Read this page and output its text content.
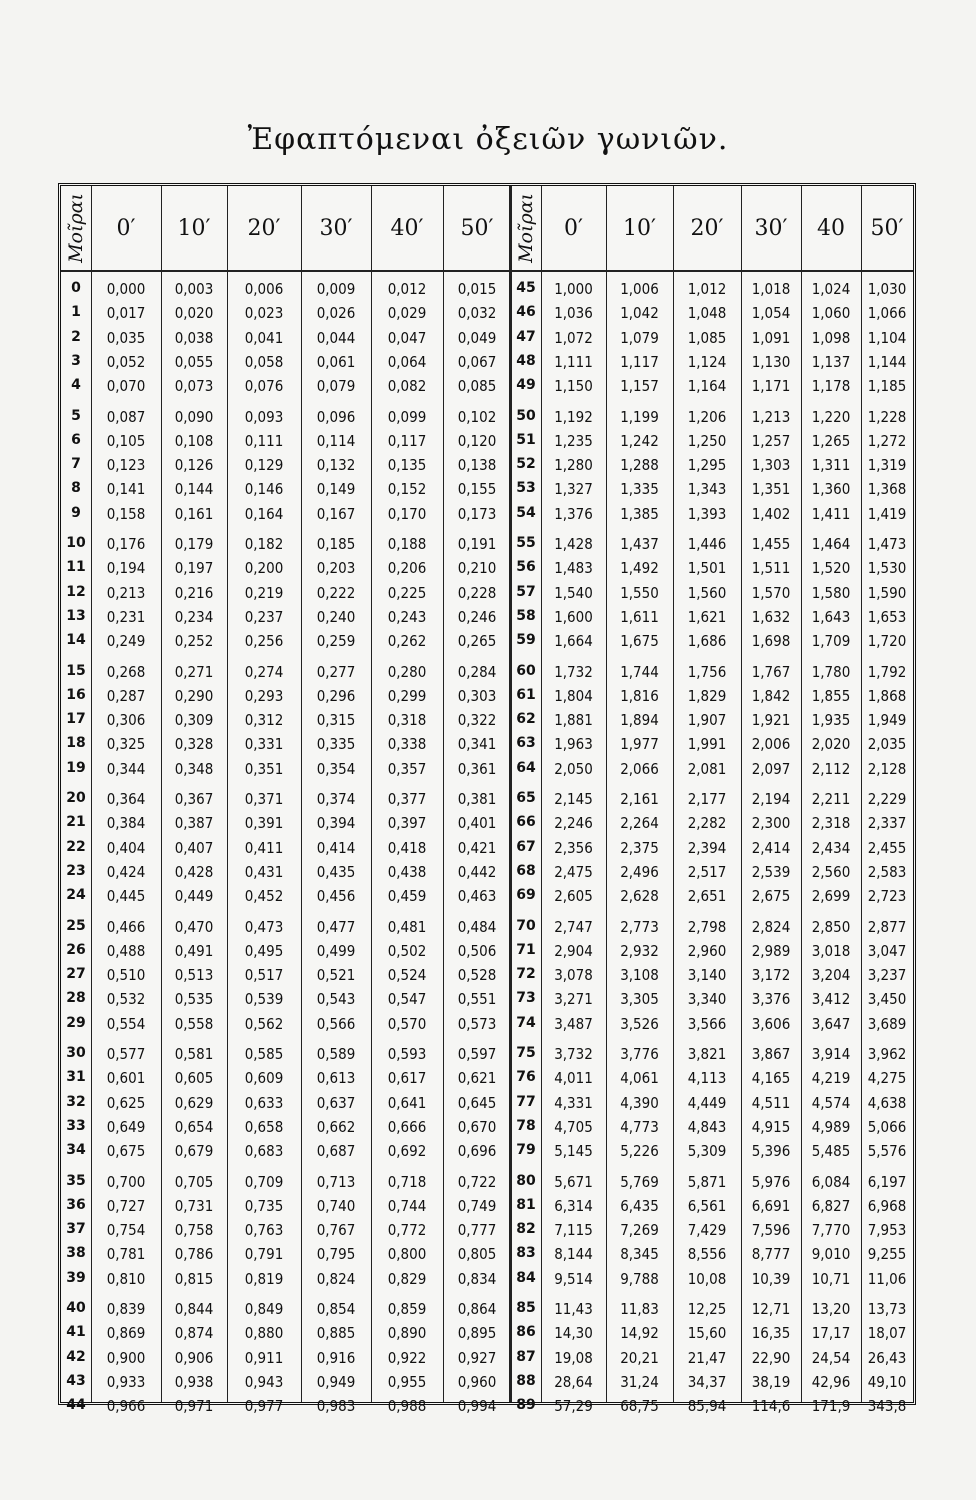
Ἐφαπτόμεναι ὀξειῶν γωνιῶν.
Μοῖραι	0′	10′	20′	30′	40′	50′	Μοῖραι	0′	10′	20′	30′	40	50′
0	0,000	0,003	0,006	0,009	0,012	0,015
1	0,017	0,020	0,023	0,026	0,029	0,032
2	0,035	0,038	0,041	0,044	0,047	0,049
3	0,052	0,055	0,058	0,061	0,064	0,067
4	0,070	0,073	0,076	0,079	0,082	0,085
5	0,087	0,090	0,093	0,096	0,099	0,102
6	0,105	0,108	0,111	0,114	0,117	0,120
7	0,123	0,126	0,129	0,132	0,135	0,138
8	0,141	0,144	0,146	0,149	0,152	0,155
9	0,158	0,161	0,164	0,167	0,170	0,173
10	0,176	0,179	0,182	0,185	0,188	0,191
11	0,194	0,197	0,200	0,203	0,206	0,210
12	0,213	0,216	0,219	0,222	0,225	0,228
13	0,231	0,234	0,237	0,240	0,243	0,246
14	0,249	0,252	0,256	0,259	0,262	0,265
15	0,268	0,271	0,274	0,277	0,280	0,284
16	0,287	0,290	0,293	0,296	0,299	0,303
17	0,306	0,309	0,312	0,315	0,318	0,322
18	0,325	0,328	0,331	0,335	0,338	0,341
19	0,344	0,348	0,351	0,354	0,357	0,361
20	0,364	0,367	0,371	0,374	0,377	0,381
21	0,384	0,387	0,391	0,394	0,397	0,401
22	0,404	0,407	0,411	0,414	0,418	0,421
23	0,424	0,428	0,431	0,435	0,438	0,442
24	0,445	0,449	0,452	0,456	0,459	0,463
25	0,466	0,470	0,473	0,477	0,481	0,484
26	0,488	0,491	0,495	0,499	0,502	0,506
27	0,510	0,513	0,517	0,521	0,524	0,528
28	0,532	0,535	0,539	0,543	0,547	0,551
29	0,554	0,558	0,562	0,566	0,570	0,573
30	0,577	0,581	0,585	0,589	0,593	0,597
31	0,601	0,605	0,609	0,613	0,617	0,621
32	0,625	0,629	0,633	0,637	0,641	0,645
33	0,649	0,654	0,658	0,662	0,666	0,670
34	0,675	0,679	0,683	0,687	0,692	0,696
35	0,700	0,705	0,709	0,713	0,718	0,722
36	0,727	0,731	0,735	0,740	0,744	0,749
37	0,754	0,758	0,763	0,767	0,772	0,777
38	0,781	0,786	0,791	0,795	0,800	0,805
39	0,810	0,815	0,819	0,824	0,829	0,834
40	0,839	0,844	0,849	0,854	0,859	0,864
41	0,869	0,874	0,880	0,885	0,890	0,895
42	0,900	0,906	0,911	0,916	0,922	0,927
43	0,933	0,938	0,943	0,949	0,955	0,960
44	0,966	0,971	0,977	0,983	0,988	0,994
45	1,000	1,006	1,012	1,018	1,024	1,030
46	1,036	1,042	1,048	1,054	1,060	1,066
47	1,072	1,079	1,085	1,091	1,098	1,104
48	1,111	1,117	1,124	1,130	1,137	1,144
49	1,150	1,157	1,164	1,171	1,178	1,185
50	1,192	1,199	1,206	1,213	1,220	1,228
51	1,235	1,242	1,250	1,257	1,265	1,272
52	1,280	1,288	1,295	1,303	1,311	1,319
53	1,327	1,335	1,343	1,351	1,360	1,368
54	1,376	1,385	1,393	1,402	1,411	1,419
55	1,428	1,437	1,446	1,455	1,464	1,473
56	1,483	1,492	1,501	1,511	1,520	1,530
57	1,540	1,550	1,560	1,570	1,580	1,590
58	1,600	1,611	1,621	1,632	1,643	1,653
59	1,664	1,675	1,686	1,698	1,709	1,720
60	1,732	1,744	1,756	1,767	1,780	1,792
61	1,804	1,816	1,829	1,842	1,855	1,868
62	1,881	1,894	1,907	1,921	1,935	1,949
63	1,963	1,977	1,991	2,006	2,020	2,035
64	2,050	2,066	2,081	2,097	2,112	2,128
65	2,145	2,161	2,177	2,194	2,211	2,229
66	2,246	2,264	2,282	2,300	2,318	2,337
67	2,356	2,375	2,394	2,414	2,434	2,455
68	2,475	2,496	2,517	2,539	2,560	2,583
69	2,605	2,628	2,651	2,675	2,699	2,723
70	2,747	2,773	2,798	2,824	2,850	2,877
71	2,904	2,932	2,960	2,989	3,018	3,047
72	3,078	3,108	3,140	3,172	3,204	3,237
73	3,271	3,305	3,340	3,376	3,412	3,450
74	3,487	3,526	3,566	3,606	3,647	3,689
75	3,732	3,776	3,821	3,867	3,914	3,962
76	4,011	4,061	4,113	4,165	4,219	4,275
77	4,331	4,390	4,449	4,511	4,574	4,638
78	4,705	4,773	4,843	4,915	4,989	5,066
79	5,145	5,226	5,309	5,396	5,485	5,576
80	5,671	5,769	5,871	5,976	6,084	6,197
81	6,314	6,435	6,561	6,691	6,827	6,968
82	7,115	7,269	7,429	7,596	7,770	7,953
83	8,144	8,345	8,556	8,777	9,010	9,255
84	9,514	9,788	10,08	10,39	10,71	11,06
85	11,43	11,83	12,25	12,71	13,20	13,73
86	14,30	14,92	15,60	16,35	17,17	18,07
87	19,08	20,21	21,47	22,90	24,54	26,43
88	28,64	31,24	34,37	38,19	42,96	49,10
89	57,29	68,75	85,94	114,6	171,9	343,8
